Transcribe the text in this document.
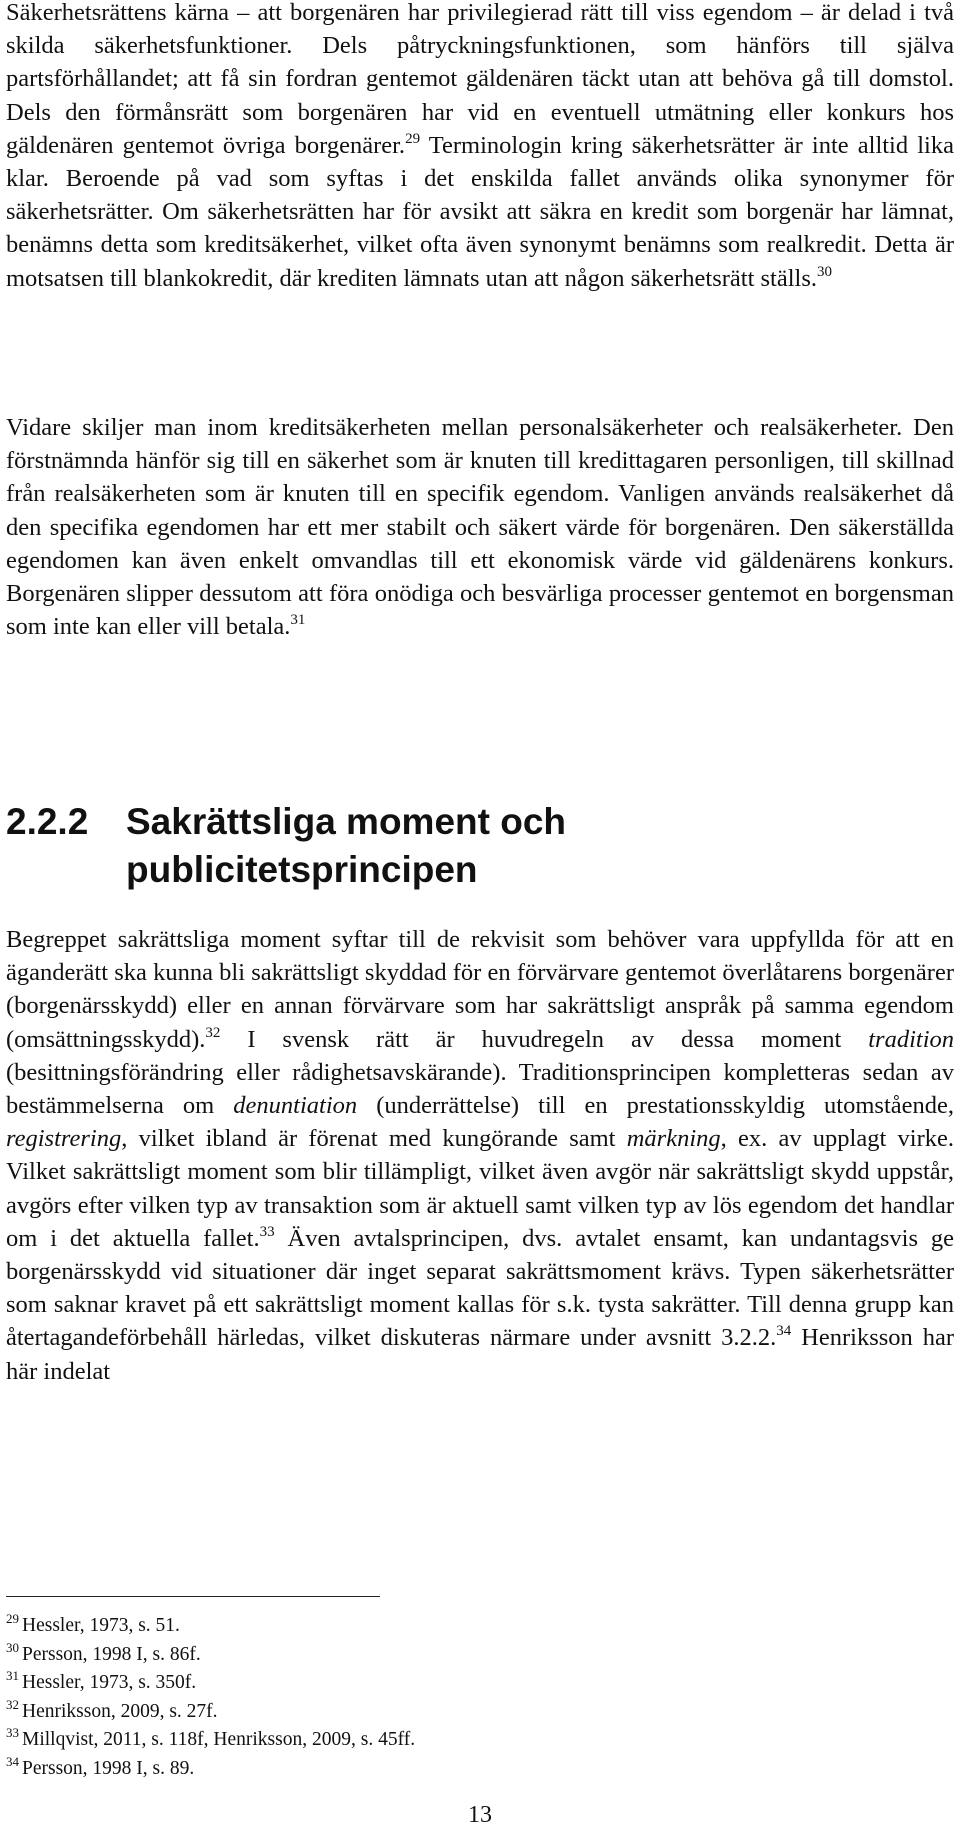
Säkerhetsrättens kärna – att borgenären har privilegierad rätt till viss egendom – är delad i två skilda säkerhetsfunktioner. Dels påtryckningsfunktionen, som hänförs till själva partsförhållandet; att få sin fordran gentemot gäldenären täckt utan att behöva gå till domstol. Dels den förmånsrätt som borgenären har vid en eventuell utmätning eller konkurs hos gäldenären gentemot övriga borgenärer.$^{29}$ Terminologin kring säkerhetsrätter är inte alltid lika klar. Beroende på vad som syftas i det enskilda fallet används olika synonymer för säkerhetsrätter. Om säkerhetsrätten har för avsikt att säkra en kredit som borgenär har lämnat, benämns detta som kreditsäkerhet, vilket ofta även synonymt benämns som realkredit. Detta är motsatsen till blankokredit, där krediten lämnats utan att någon säkerhetsrätt ställs.$^{30}$

Vidare skiljer man inom kreditsäkerheten mellan personalsäkerheter och realsäkerheter. Den förstnämnda hänför sig till en säkerhet som är knuten till kredittagaren personligen, till skillnad från realsäkerheten som är knuten till en specifik egendom. Vanligen används realsäkerhet då den specifika egendomen har ett mer stabilt och säkert värde för borgenären. Den säkerställda egendomen kan även enkelt omvandlas till ett ekonomisk värde vid gäldenärens konkurs. Borgenären slipper dessutom att föra onödiga och besvärliga processer gentemot en borgensman som inte kan eller vill betala.$^{31}$

2.2.2 Sakrättsliga moment och
publicitetsprincipen

Begreppet sakrättsliga moment syftar till de rekvisit som behöver vara uppfyllda för att en äganderätt ska kunna bli sakrättsligt skyddad för en förvärvare gentemot överlåtarens borgenärer (borgenärsskydd) eller en annan förvärvare som har sakrättsligt anspråk på samma egendom (omsättningsskydd).$^{32}$ I svensk rätt är huvudregeln av dessa moment tradition (besittningsförändring eller rådighetsavskärande). Traditionsprincipen kompletteras sedan av bestämmelserna om denuntiation (underrättelse) till en prestationsskyldig utomstående, registrering, vilket ibland är förenat med kungörande samt märkning, ex. av upplagt virke. Vilket sakrättsligt moment som blir tillämpligt, vilket även avgör när sakrättsligt skydd uppstår, avgörs efter vilken typ av transaktion som är aktuell samt vilken typ av lös egendom det handlar om i det aktuella fallet.$^{33}$ Även avtalsprincipen, dvs. avtalet ensamt, kan undantagsvis ge borgenärsskydd vid situationer där inget separat sakrättsmoment krävs. Typen säkerhetsrätter som saknar kravet på ett sakrättsligt moment kallas för s.k. tysta sakrätter. Till denna grupp kan återtagandeförbehåll härledas, vilket diskuteras närmare under avsnitt 3.2.2.34 Henriksson har här indelat

$^{29}$ Hessler, 1973, s. 51.
$^{30}$ Persson, 1998 I, s. 86f.
$^{31}$ Hessler, 1973, s. 350f.
$^{32}$ Henriksson, 2009, s. 27f.
$^{33}$ Millqvist, 2011, s. 118f, Henriksson, 2009, s. 45ff.
$^{34}$ Persson, 1998 I, s. 89.
13
